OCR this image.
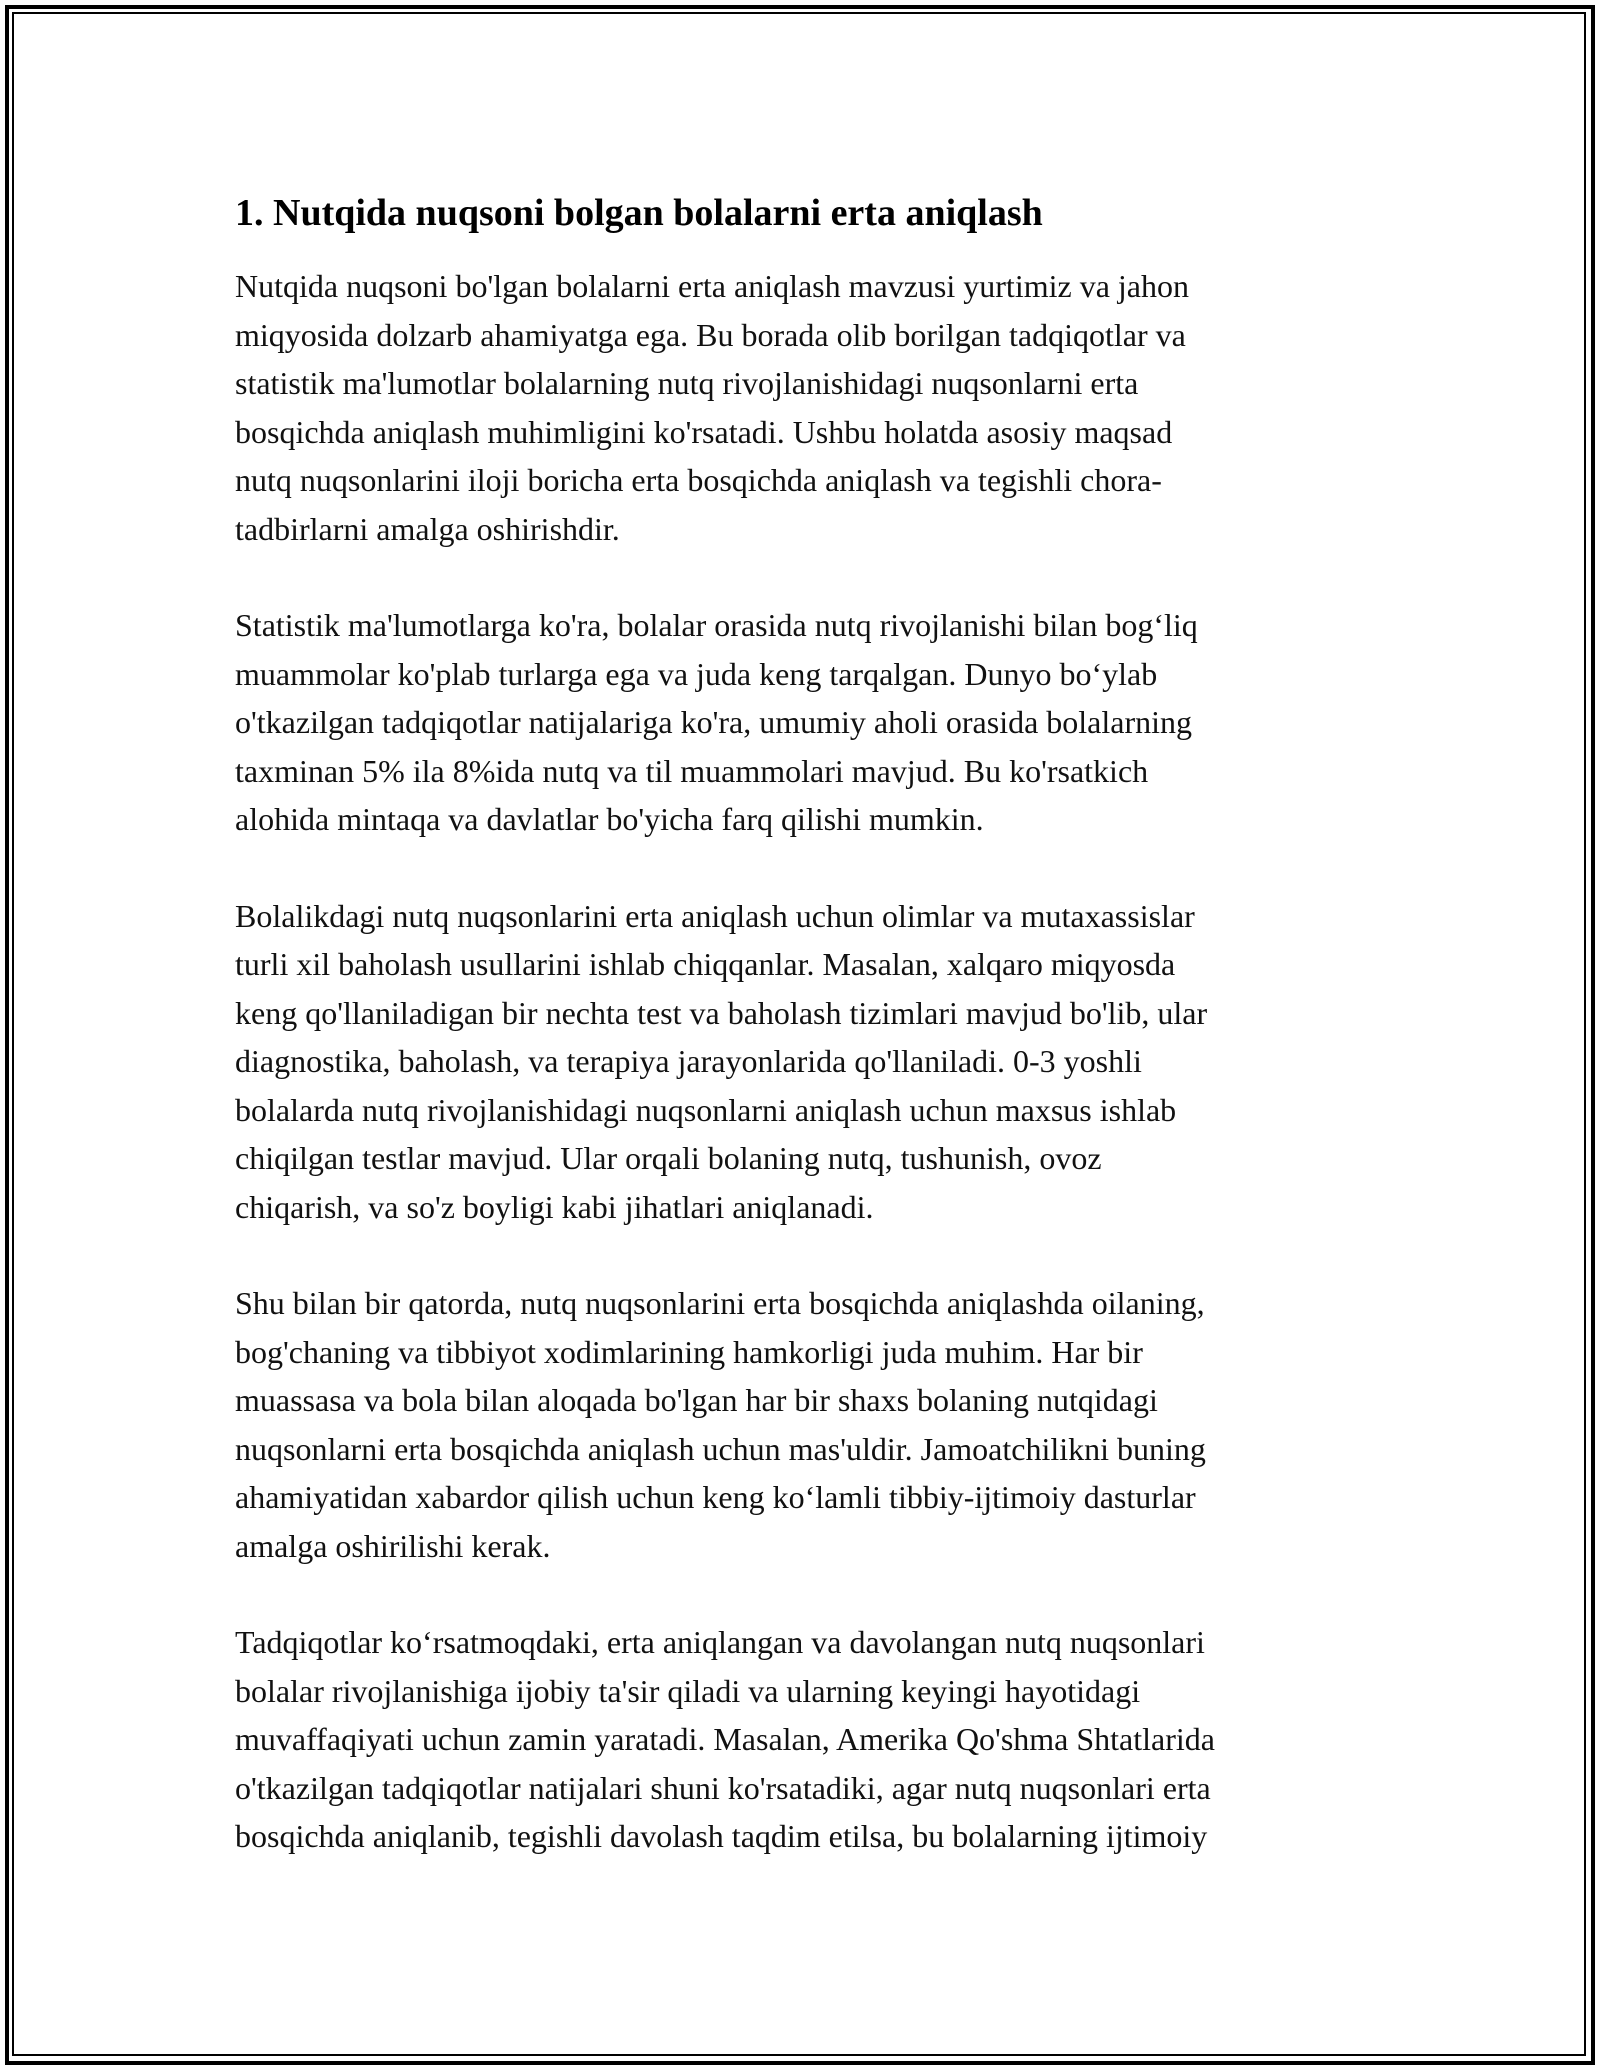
1. Nutqida nuqsoni bolgan bolalarni erta aniqlash

Nutqida nuqsoni bo'lgan bolalarni erta aniqlash mavzusi yurtimiz va jahon
miqyosida dolzarb ahamiyatga ega. Bu borada olib borilgan tadqiqotlar va
statistik ma'lumotlar bolalarning nutq rivojlanishidagi nuqsonlarni erta
bosqichda aniqlash muhimligini ko'rsatadi. Ushbu holatda asosiy maqsad
nutq nuqsonlarini iloji boricha erta bosqichda aniqlash va tegishli chora-
tadbirlarni amalga oshirishdir.

Statistik ma'lumotlarga ko'ra, bolalar orasida nutq rivojlanishi bilan bog‘liq
muammolar ko'plab turlarga ega va juda keng tarqalgan. Dunyo bo‘ylab
o'tkazilgan tadqiqotlar natijalariga ko'ra, umumiy aholi orasida bolalarning
taxminan 5% ila 8%ida nutq va til muammolari mavjud. Bu ko'rsatkich
alohida mintaqa va davlatlar bo'yicha farq qilishi mumkin.

Bolalikdagi nutq nuqsonlarini erta aniqlash uchun olimlar va mutaxassislar
turli xil baholash usullarini ishlab chiqqanlar. Masalan, xalqaro miqyosda
keng qo'llaniladigan bir nechta test va baholash tizimlari mavjud bo'lib, ular
diagnostika, baholash, va terapiya jarayonlarida qo'llaniladi. 0-3 yoshli
bolalarda nutq rivojlanishidagi nuqsonlarni aniqlash uchun maxsus ishlab
chiqilgan testlar mavjud. Ular orqali bolaning nutq, tushunish, ovoz
chiqarish, va so'z boyligi kabi jihatlari aniqlanadi.

Shu bilan bir qatorda, nutq nuqsonlarini erta bosqichda aniqlashda oilaning,
bog'chaning va tibbiyot xodimlarining hamkorligi juda muhim. Har bir
muassasa va bola bilan aloqada bo'lgan har bir shaxs bolaning nutqidagi
nuqsonlarni erta bosqichda aniqlash uchun mas'uldir. Jamoatchilikni buning
ahamiyatidan xabardor qilish uchun keng ko‘lamli tibbiy-ijtimoiy dasturlar
amalga oshirilishi kerak.

Tadqiqotlar ko‘rsatmoqdaki, erta aniqlangan va davolangan nutq nuqsonlari
bolalar rivojlanishiga ijobiy ta'sir qiladi va ularning keyingi hayotidagi
muvaffaqiyati uchun zamin yaratadi. Masalan, Amerika Qo'shma Shtatlarida
o'tkazilgan tadqiqotlar natijalari shuni ko'rsatadiki, agar nutq nuqsonlari erta
bosqichda aniqlanib, tegishli davolash taqdim etilsa, bu bolalarning ijtimoiy
